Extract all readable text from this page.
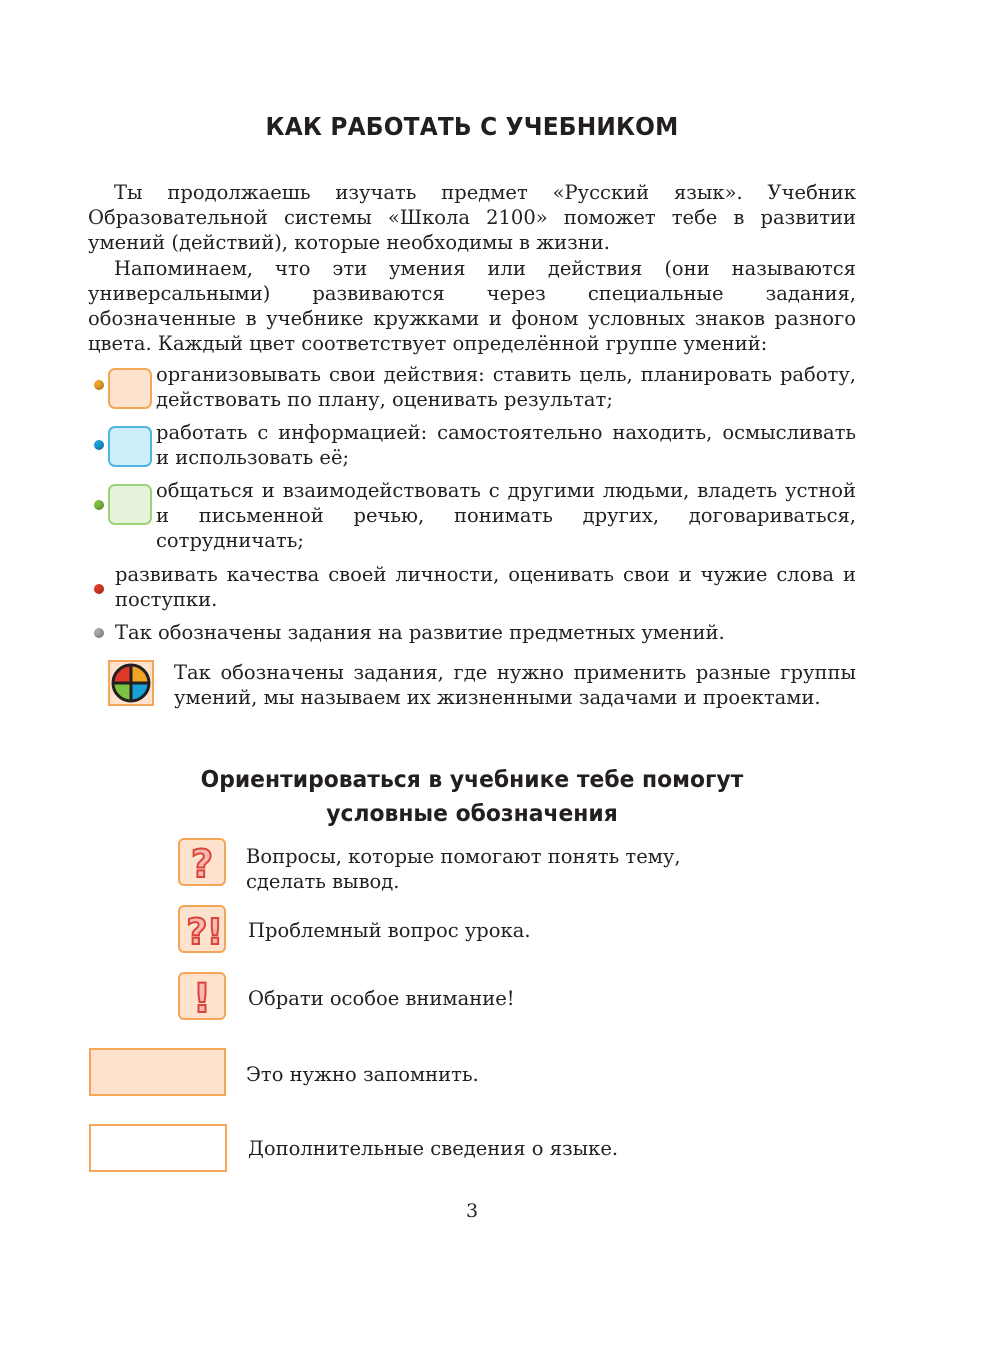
КАК РАБОТАТЬ С УЧЕБНИКОМ

Ты продолжаешь изучать предмет «Русский язык». Учебник Образовательной системы «Школа 2100» поможет тебе в развитии умений (действий), которые необходимы в жизни.

Напоминаем, что эти умения или действия (они называются универсальными) развиваются через специальные задания, обозначенные в учебнике кружками и фоном условных знаков разного цвета. Каждый цвет соответствует определённой группе умений:

организовывать свои действия: ставить цель, планировать работу, действовать по плану, оценивать результат;

работать с информацией: самостоятельно находить, осмысливать и использовать её;

общаться и взаимодействовать с другими людьми, владеть устной и письменной речью, понимать других, договариваться, сотрудничать;

развивать качества своей личности, оценивать свои и чужие слова и поступки.

Так обозначены задания на развитие предметных умений.

Так обозначены задания, где нужно применить разные группы умений, мы называем их жизненными задачами и проектами.

Ориентироваться в учебнике тебе помогут
условные обозначения
? Вопросы, которые помогают понять тему,
сделать вывод.

? ! Проблемный вопрос урока.

! Обрати особое внимание!

Это нужно запомнить.

Дополнительные сведения о языке.

3
